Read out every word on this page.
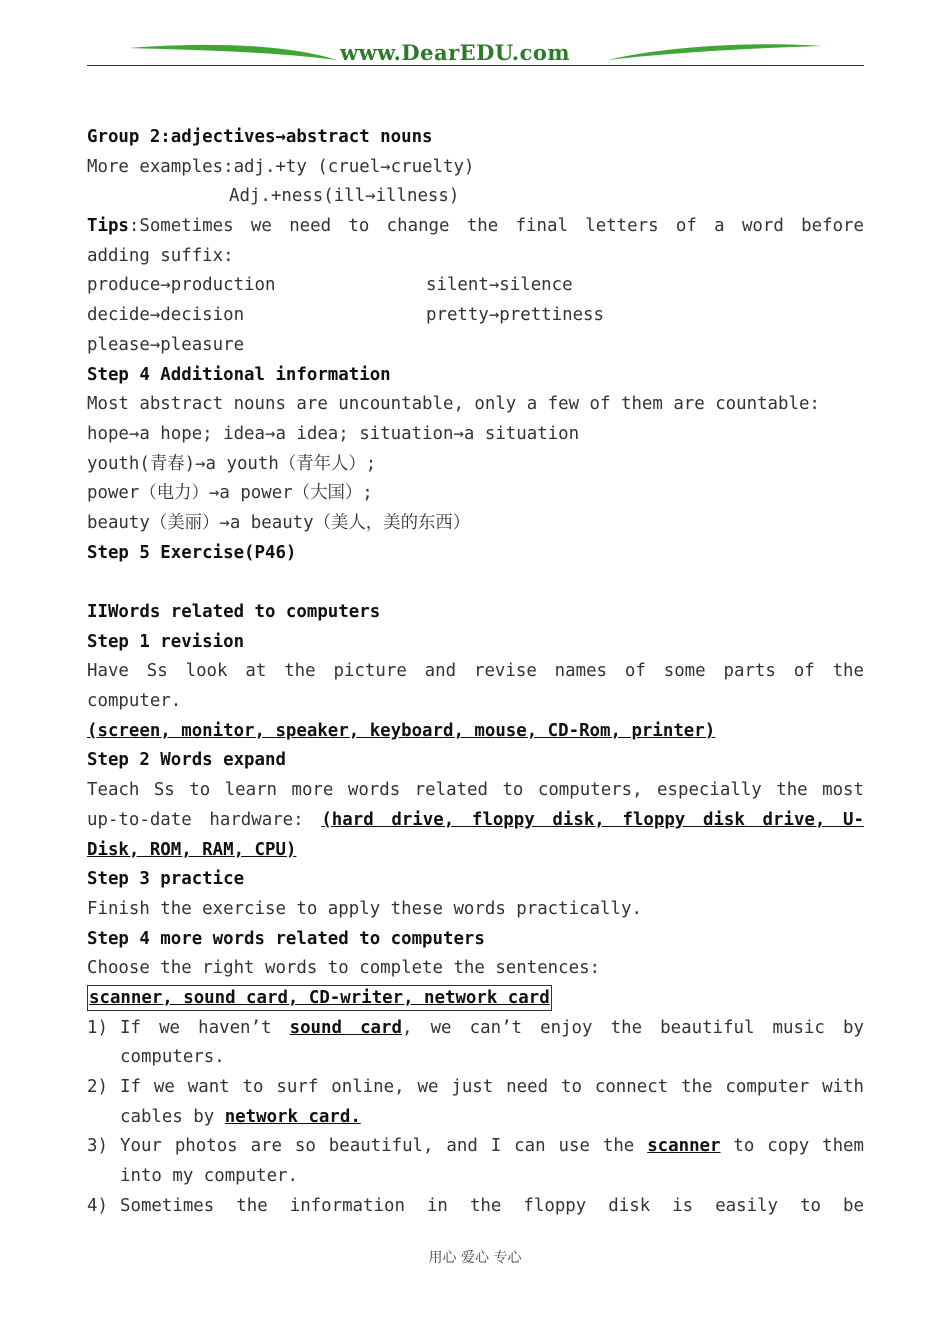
www.DearEDU.com
Group 2:adjectives→abstract nouns
More examples:adj.+ty (cruel→cruelty)
Adj.+ness(ill→illness)
Tips:Sometimes we need to change the final letters of a word before
adding suffix:
produce→production	silent→silence
decide→decision	pretty→prettiness
please→pleasure
Step 4 Additional information
Most abstract nouns are uncountable, only a few of them are countable:
hope→a hope; idea→a idea; situation→a situation
youth(青春)→a youth（青年人）;
power（电力）→a power（大国）;
beauty（美丽）→a beauty（美人，美的东西）
Step 5 Exercise(P46)
IIWords related to computers
Step 1 revision
Have Ss look at the picture and revise names of some parts of the
computer.
(screen, monitor, speaker, keyboard, mouse, CD-Rom, printer)
Step 2 Words expand
Teach Ss to learn more words related to computers, especially the most
up-to-date hardware: (hard drive, floppy disk, floppy disk drive, U-
Disk, ROM, RAM, CPU)
Step 3 practice
Finish the exercise to apply these words practically.
Step 4 more words related to computers
Choose the right words to complete the sentences:
scanner, sound card, CD-writer, network card
1) If we haven’t sound card, we can’t enjoy the beautiful music by
computers.
2) If we want to surf online, we just need to connect the computer with
cables by network card.
3) Your photos are so beautiful, and I can use the scanner to copy them
into my computer.
4) Sometimes the information in the floppy disk is easily to be
用心 爱心 专心
